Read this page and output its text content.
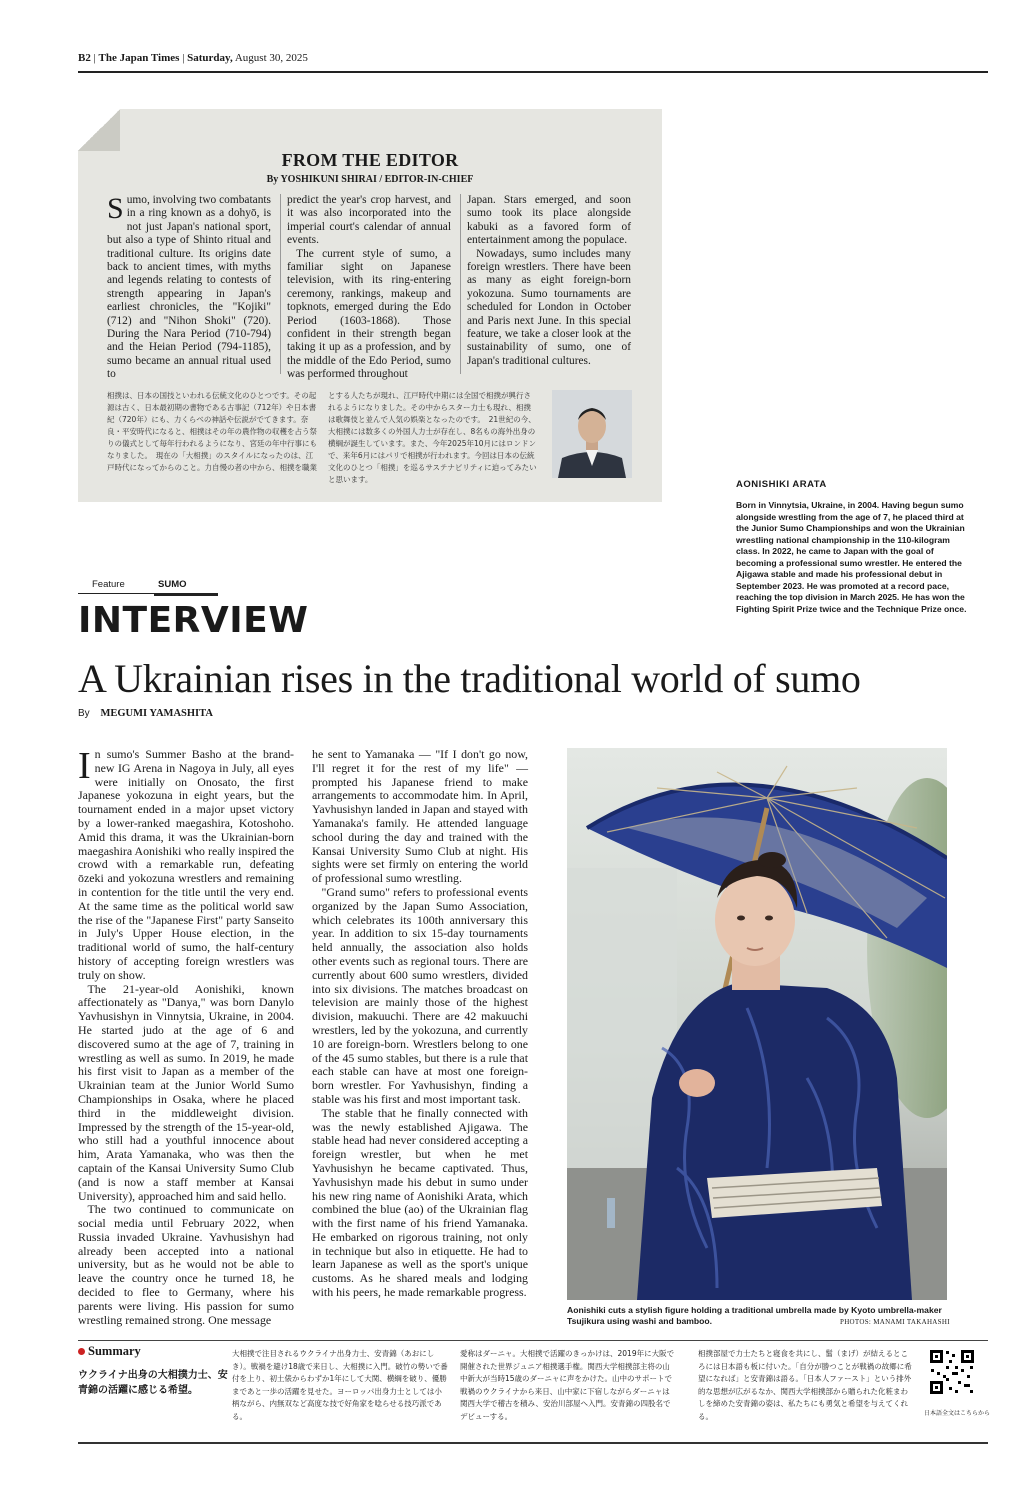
B2 | The Japan Times | Saturday, August 30, 2025
FROM THE EDITOR
By YOSHIKUNI SHIRAI / EDITOR-IN-CHIEF
Sumo, involving two combatants in a ring known as a dohyō, is not just Japan's national sport, but also a type of Shinto ritual and traditional culture. Its origins date back to ancient times, with myths and legends relating to contests of strength appearing in Japan's earliest chronicles, the "Kojiki" (712) and "Nihon Shoki" (720). During the Nara Period (710-794) and the Heian Period (794-1185), sumo became an annual ritual used to
predict the year's crop harvest, and it was also incorporated into the imperial court's calendar of annual events.
The current style of sumo, a familiar sight on Japanese television, with its ring-entering ceremony, rankings, makeup and topknots, emerged during the Edo Period (1603-1868). Those confident in their strength began taking it up as a profession, and by the middle of the Edo Period, sumo was performed throughout
Japan. Stars emerged, and soon sumo took its place alongside kabuki as a favored form of entertainment among the populace.
Nowadays, sumo includes many foreign wrestlers. There have been as many as eight foreign-born yokozuna. Sumo tournaments are scheduled for London in October and Paris next June. In this special feature, we take a closer look at the sustainability of sumo, one of Japan's traditional cultures.
相撲は、日本の国技といわれる伝統文化のひとつです。その起源は古く、日本最初期の書物である古事記（712年）や日本書紀（720年）にも、力くらべの神話や伝説がでてきます。奈良・平安時代になると、相撲はその年の農作物の収穫を占う祭りの儀式として毎年行われるようになり、宮廷の年中行事にもなりました。　現在の「大相撲」のスタイルになったのは、江戸時代になってからのこと。力自慢の者の中から、相撲を職業
とする人たちが現れ、江戸時代中期には全国で相撲が興行されるようになりました。その中からスター力士も現れ、相撲は歌舞伎と並んで人気の娯楽となったのです。　21世紀の今、大相撲には数多くの外国人力士が存在し、8名もの海外出身の横綱が誕生しています。また、今年2025年10月にはロンドンで、来年6月にはパリで相撲が行われます。今回は日本の伝統文化のひとつ「相撲」を巡るサステナビリティに迫ってみたいと思います。	AONISHIKI ARATA
Born in Vinnytsia, Ukraine, in 2004. Having begun sumo alongside wrestling from the age of 7, he placed third at the Junior Sumo Championships and won the Ukrainian wrestling national championship in the 110-kilogram class. In 2022, he came to Japan with the goal of becoming a professional sumo wrestler. He entered the Ajigawa stable and made his professional debut in September 2023. He was promoted at a record pace, reaching the top division in March 2025. He has won the Fighting Spirit Prize twice and the Technique Prize once.
Feature	SUMO
INTERVIEW
A Ukrainian rises in the traditional world of sumo
By MEGUMI YAMASHITA

In sumo's Summer Basho at the brand-new IG Arena in Nagoya in July, all eyes were initially on Onosato, the first Japanese yokozuna in eight years, but the tournament ended in a major upset victory by a lower-ranked maegashira, Kotoshoho. Amid this drama, it was the Ukrainian-born maegashira Aonishiki who really inspired the crowd with a remarkable run, defeating ōzeki and yokozuna wrestlers and remaining in contention for the title until the very end. At the same time as the political world saw the rise of the "Japanese First" party Sanseito in July's Upper House election, in the traditional world of sumo, the half-century history of accepting foreign wrestlers was truly on show.

The 21-year-old Aonishiki, known affectionately as "Danya," was born Danylo Yavhusishyn in Vinnytsia, Ukraine, in 2004. He started judo at the age of 6 and discovered sumo at the age of 7, training in wrestling as well as sumo. In 2019, he made his first visit to Japan as a member of the Ukrainian team at the Junior World Sumo Championships in Osaka, where he placed third in the middleweight division. Impressed by the strength of the 15-year-old, who still had a youthful innocence about him, Arata Yamanaka, who was then the captain of the Kansai University Sumo Club (and is now a staff member at Kansai University), approached him and said hello.

The two continued to communicate on social media until February 2022, when Russia invaded Ukraine. Yavhusishyn had already been accepted into a national university, but as he would not be able to leave the country once he turned 18, he decided to flee to Germany, where his parents were living. His passion for sumo wrestling remained strong. One message

he sent to Yamanaka — "If I don't go now, I'll regret it for the rest of my life" — prompted his Japanese friend to make arrangements to accommodate him. In April, Yavhusishyn landed in Japan and stayed with Yamanaka's family. He attended language school during the day and trained with the Kansai University Sumo Club at night. His sights were set firmly on entering the world of professional sumo wrestling.

"Grand sumo" refers to professional events organized by the Japan Sumo Association, which celebrates its 100th anniversary this year. In addition to six 15-day tournaments held annually, the association also holds other events such as regional tours. There are currently about 600 sumo wrestlers, divided into six divisions. The matches broadcast on television are mainly those of the highest division, makuuchi. There are 42 makuuchi wrestlers, led by the yokozuna, and currently 10 are foreign-born. Wrestlers belong to one of the 45 sumo stables, but there is a rule that each stable can have at most one foreign-born wrestler. For Yavhusishyn, finding a stable was his first and most important task.

The stable that he finally connected with was the newly established Ajigawa. The stable head had never considered accepting a foreign wrestler, but when he met Yavhusishyn he became captivated. Thus, Yavhusishyn made his debut in sumo under his new ring name of Aonishiki Arata, which combined the blue (ao) of the Ukrainian flag with the first name of his friend Yamanaka. He embarked on rigorous training, not only in technique but also in etiquette. He had to learn Japanese as well as the sport's unique customs. As he shared meals and lodging with his peers, he made remarkable progress.

Aonishiki cuts a stylish figure holding a traditional umbrella made by Kyoto umbrella-maker Tsujikura using washi and bamboo.	PHOTOS: MANAMI TAKAHASHI
Summary
ウクライナ出身の大相撲力士、安青錦の活躍に感じる希望。
大相撲で注目されるウクライナ出身力士、安青錦（あおにしき）。戦禍を避け18歳で来日し、大相撲に入門。破竹の勢いで番付を上り、初土俵からわずか1年にして大関、横綱を破り、優勝まであと一歩の活躍を見せた。ヨーロッパ出身力士としては小柄ながら、内無双など高度な技で好角家を唸らせる技巧派である。
愛称はダーニャ。大相撲で活躍のきっかけは、2019年に大阪で開催された世界ジュニア相撲選手権。関西大学相撲部主将の山中新大が当時15歳のダーニャに声をかけた。山中のサポートで戦禍のウクライナから来日、山中家に下宿しながらダーニャは関西大学で稽古を積み、安治川部屋へ入門。安青錦の四股名でデビューする。
相撲部屋で力士たちと寝食を共にし、髷（まげ）が結えるところには日本語も板に付いた。「自分が勝つことが戦禍の故郷に希望になれば」と安青錦は語る。「日本人ファースト」という排外的な思想が広がるなか、関西大学相撲部から贈られた化粧まわしを締めた安青錦の姿は、私たちにも勇気と希望を与えてくれる。	日本語全文はこちらから
